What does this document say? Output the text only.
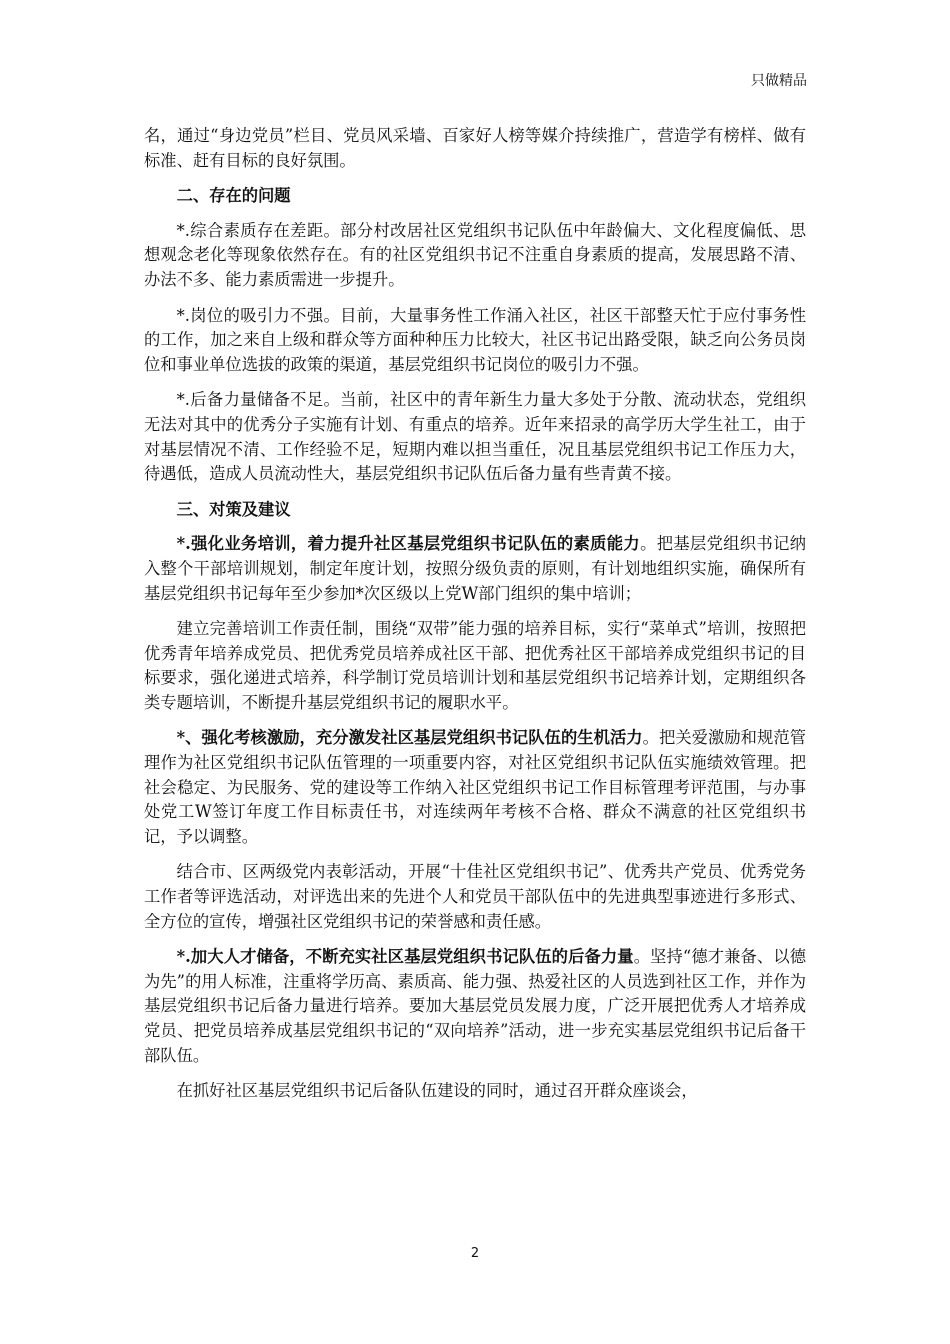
只做精品

名，通过“身边党员”栏目、党员风采墙、百家好人榜等媒介持续推广，营造学有榜样、做有标准、赶有目标的良好氛围。

二、存在的问题

*.综合素质存在差距。部分村改居社区党组织书记队伍中年龄偏大、文化程度偏低、思想观念老化等现象依然存在。有的社区党组织书记不注重自身素质的提高，发展思路不清、办法不多、能力素质需进一步提升。

*.岗位的吸引力不强。目前，大量事务性工作涌入社区，社区干部整天忙于应付事务性的工作，加之来自上级和群众等方面种种压力比较大，社区书记出路受限，缺乏向公务员岗位和事业单位选拔的政策的渠道，基层党组织书记岗位的吸引力不强。

*.后备力量储备不足。当前，社区中的青年新生力量大多处于分散、流动状态，党组织无法对其中的优秀分子实施有计划、有重点的培养。近年来招录的高学历大学生社工，由于对基层情况不清、工作经验不足，短期内难以担当重任，况且基层党组织书记工作压力大，待遇低，造成人员流动性大，基层党组织书记队伍后备力量有些青黄不接。

三、对策及建议

*.强化业务培训，着力提升社区基层党组织书记队伍的素质能力。把基层党组织书记纳入整个干部培训规划，制定年度计划，按照分级负责的原则，有计划地组织实施，确保所有基层党组织书记每年至少参加*次区级以上党W部门组织的集中培训；

建立完善培训工作责任制，围绕“双带”能力强的培养目标，实行“菜单式”培训，按照把优秀青年培养成党员、把优秀党员培养成社区干部、把优秀社区干部培养成党组织书记的目标要求，强化递进式培养，科学制订党员培训计划和基层党组织书记培养计划，定期组织各类专题培训，不断提升基层党组织书记的履职水平。

*、强化考核激励，充分激发社区基层党组织书记队伍的生机活力。把关爱激励和规范管理作为社区党组织书记队伍管理的一项重要内容，对社区党组织书记队伍实施绩效管理。把社会稳定、为民服务、党的建设等工作纳入社区党组织书记工作目标管理考评范围，与办事处党工W签订年度工作目标责任书，对连续两年考核不合格、群众不满意的社区党组织书记，予以调整。

结合市、区两级党内表彰活动，开展“十佳社区党组织书记”、优秀共产党员、优秀党务工作者等评选活动，对评选出来的先进个人和党员干部队伍中的先进典型事迹进行多形式、全方位的宣传，增强社区党组织书记的荣誉感和责任感。

*.加大人才储备，不断充实社区基层党组织书记队伍的后备力量。坚持“德才兼备、以德为先”的用人标准，注重将学历高、素质高、能力强、热爱社区的人员选到社区工作，并作为基层党组织书记后备力量进行培养。要加大基层党员发展力度，广泛开展把优秀人才培养成党员、把党员培养成基层党组织书记的“双向培养”活动，进一步充实基层党组织书记后备干部队伍。

在抓好社区基层党组织书记后备队伍建设的同时，通过召开群众座谈会，

2
